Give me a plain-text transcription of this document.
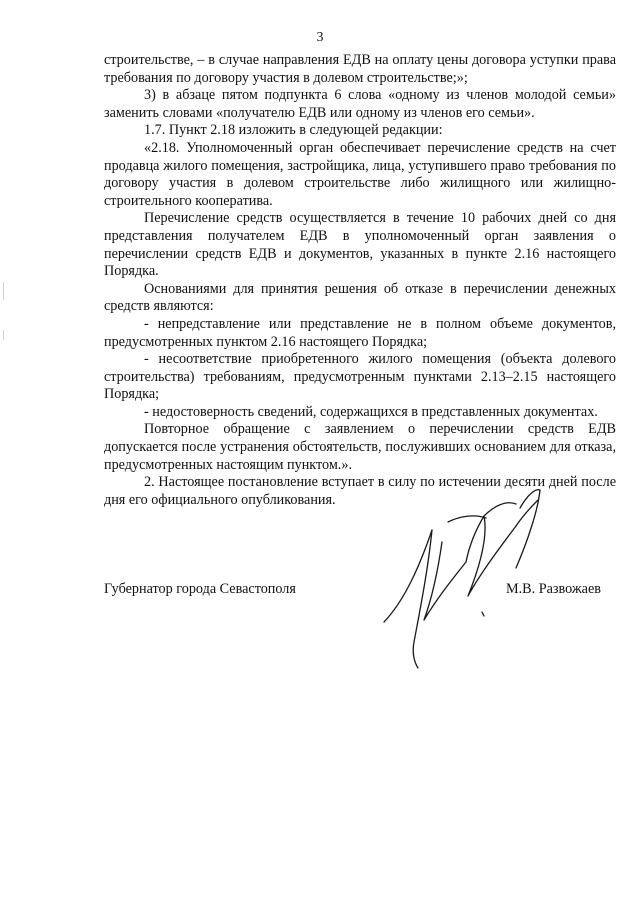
3

строительстве, – в случае направления ЕДВ на оплату цены договора уступки права требования по договору участия в долевом строительстве;»;

3) в абзаце пятом подпункта 6 слова «одному из членов молодой семьи» заменить словами «получателю ЕДВ или одному из членов его семьи».

1.7. Пункт 2.18 изложить в следующей редакции:

«2.18. Уполномоченный орган обеспечивает перечисление средств на счет продавца жилого помещения, застройщика, лица, уступившего право требования по договору участия в долевом строительстве либо жилищного или жилищно-строительного кооператива.

Перечисление средств осуществляется в течение 10 рабочих дней со дня представления получателем ЕДВ в уполномоченный орган заявления о перечислении средств ЕДВ и документов, указанных в пункте 2.16 настоящего Порядка.

Основаниями для принятия решения об отказе в перечислении денежных средств являются:

- непредставление или представление не в полном объеме документов, предусмотренных пунктом 2.16 настоящего Порядка;

- несоответствие приобретенного жилого помещения (объекта долевого строительства) требованиям, предусмотренным пунктами 2.13–2.15 настоящего Порядка;

- недостоверность сведений, содержащихся в представленных документах.

Повторное обращение с заявлением о перечислении средств ЕДВ допускается после устранения обстоятельств, послуживших основанием для отказа, предусмотренных настоящим пунктом.».

2. Настоящее постановление вступает в силу по истечении десяти дней после дня его официального опубликования.

Губернатор города Севастополя	М.В. Развожаев
